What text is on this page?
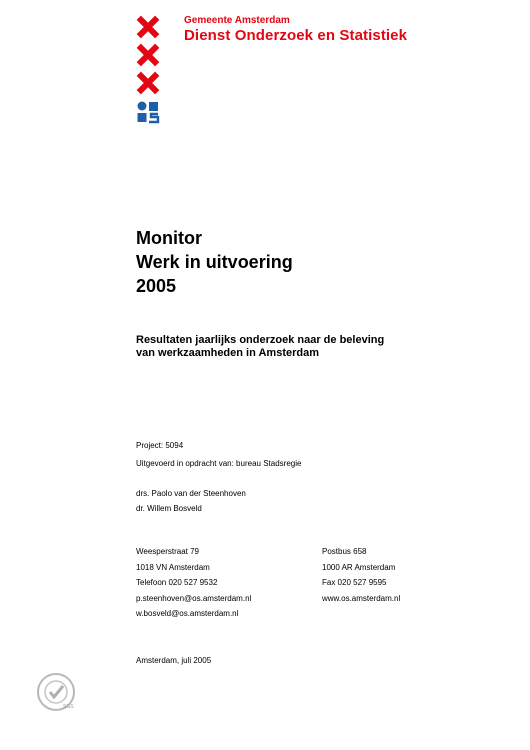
Gemeente Amsterdam
Dienst Onderzoek en Statistiek
Monitor
Werk in uitvoering
2005
Resultaten jaarlijks onderzoek naar de beleving
van werkzaamheden in Amsterdam
Project: 5094
Uitgevoerd in opdracht van: bureau Stadsregie
drs. Paolo van der Steenhoven
dr. Willem Bosveld
Weesperstraat 79
1018 VN Amsterdam
Telefoon 020 527 9532
p.steenhoven@os.amsterdam.nl
w.bosveld@os.amsterdam.nl
Postbus 658
1000 AR Amsterdam
Fax 020 527 9595
www.os.amsterdam.nl
Amsterdam, juli 2005
SGS
